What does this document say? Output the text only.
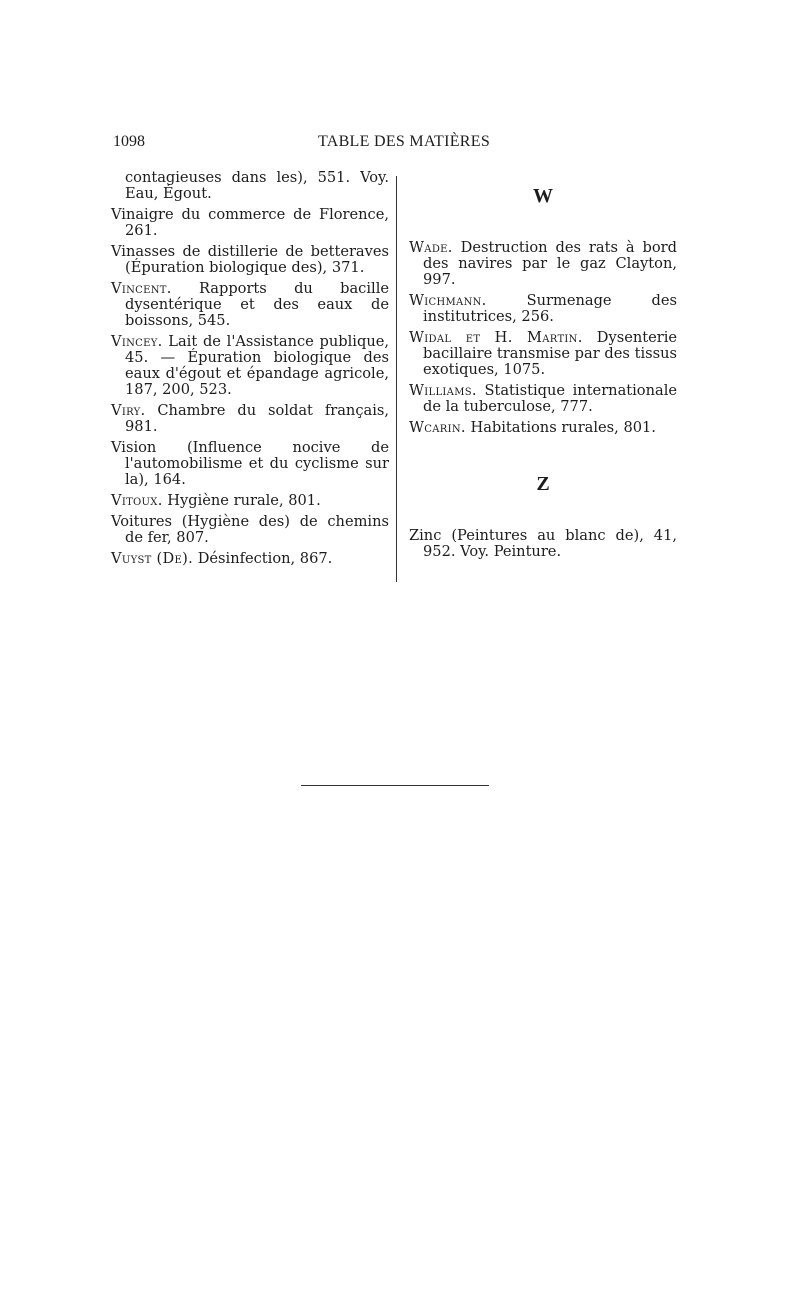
1098	TABLE DES MATIÈRES

contagieuses dans les), 551. Voy. Eau, Égout.

Vinaigre du commerce de Florence, 261.

Vinasses de distillerie de betteraves (Épuration biologique des), 371.

Vincent. Rapports du bacille dysentérique et des eaux de boissons, 545.

Vincey. Lait de l'Assistance publique, 45. — Épuration biologique des eaux d'égout et épandage agricole, 187, 200, 523.

Viry. Chambre du soldat français, 981.

Vision (Influence nocive de l'automobilisme et du cyclisme sur la), 164.

Vitoux. Hygiène rurale, 801.

Voitures (Hygiène des) de chemins de fer, 807.

Vuyst (De). Désinfection, 867.

W

Wade. Destruction des rats à bord des navires par le gaz Clayton, 997.

Wichmann. Surmenage des institutrices, 256.

Widal et H. Martin. Dysenterie bacillaire transmise par des tissus exotiques, 1075.

Williams. Statistique internationale de la tuberculose, 777.

Wcarin. Habitations rurales, 801.

Z

Zinc (Peintures au blanc de), 41, 952. Voy. Peinture.
